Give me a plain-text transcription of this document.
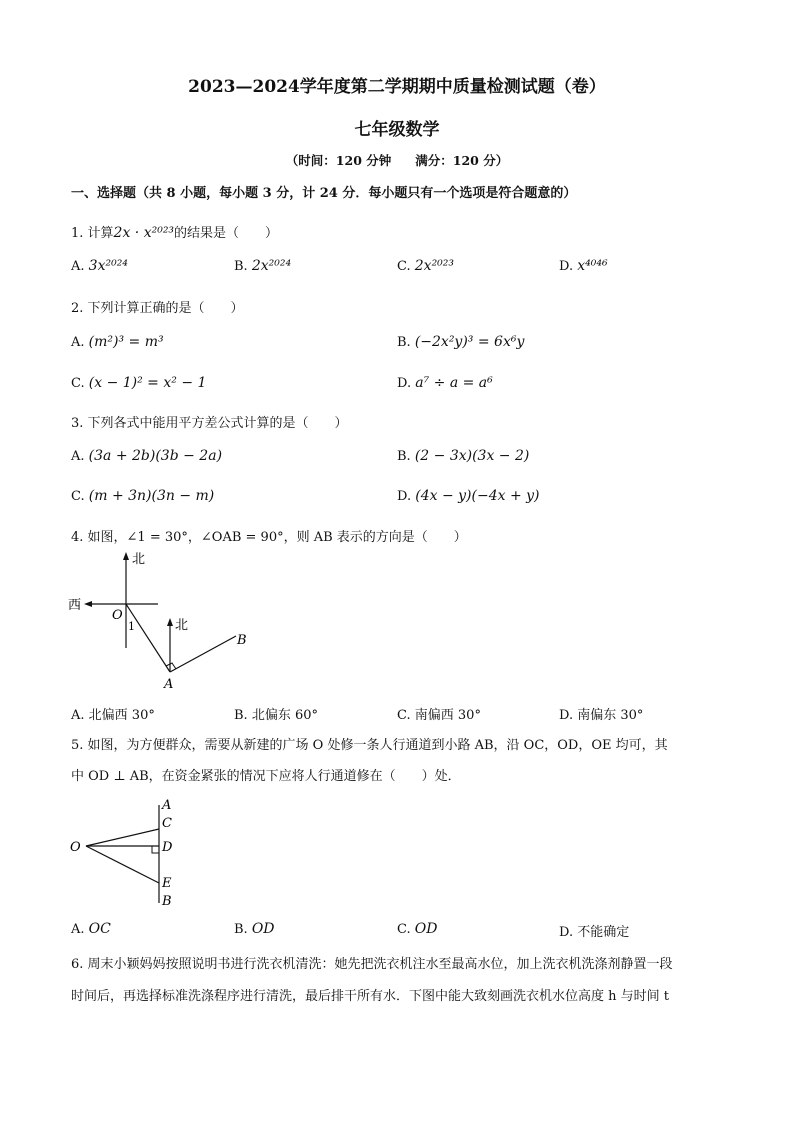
2023—2024学年度第二学期期中质量检测试题（卷）
七年级数学
（时间：120 分钟 满分：120 分）
一、选择题（共 8 小题，每小题 3 分，计 24 分．每小题只有一个选项是符合题意的）
1. 计算2x · x²⁰²³的结果是（　　）
A. 3x²⁰²⁴	B. 2x²⁰²⁴	C. 2x²⁰²³	D. x⁴⁰⁴⁶
2. 下列计算正确的是（　　）
A. (m²)³ = m³	B. (−2x²y)³ = 6x⁶y
C. (x − 1)² = x² − 1	D. a⁷ ÷ a = a⁶
3. 下列各式中能用平方差公式计算的是（　　）
A. (3a + 2b)(3b − 2a)	B. (2 − 3x)(3x − 2)
C. (m + 3n)(3n − m)	D. (4x − y)(−4x + y)
4. 如图，∠1 = 30°，∠OAB = 90°，则 AB 表示的方向是（　　）
北
西
O
1	北
A
B
A. 北偏西 30°	B. 北偏东 60°	C. 南偏西 30°	D. 南偏东 30°
5. 如图，为方便群众，需要从新建的广场 O 处修一条人行通道到小路 AB，沿 OC，OD，OE 均可，其
中 OD ⊥ AB，在资金紧张的情况下应将人行通道修在（　　）处．
O
A
C
D
E
B
A. OC	B. OD	C. OD	D. 不能确定
6. 周末小颖妈妈按照说明书进行洗衣机清洗：她先把洗衣机注水至最高水位，加上洗衣机洗涤剂静置一段
时间后，再选择标准洗涤程序进行清洗，最后排干所有水．下图中能大致刻画洗衣机水位高度 h 与时间 t
